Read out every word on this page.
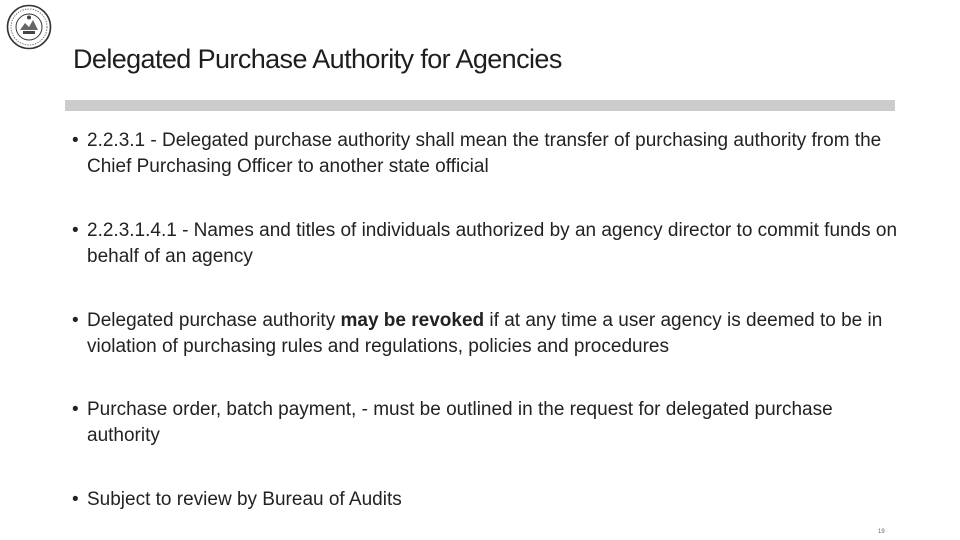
Delegated Purchase Authority for Agencies
• 2.2.3.1 - Delegated purchase authority shall mean the transfer of purchasing authority from the Chief Purchasing Officer to another state official
• 2.2.3.1.4.1 - Names and titles of individuals authorized by an agency director to commit funds on behalf of an agency
• Delegated purchase authority may be revoked if at any time a user agency is deemed to be in violation of purchasing rules and regulations, policies and procedures
• Purchase order, batch payment, - must be outlined in the request for delegated purchase authority
• Subject to review by Bureau of Audits
19
